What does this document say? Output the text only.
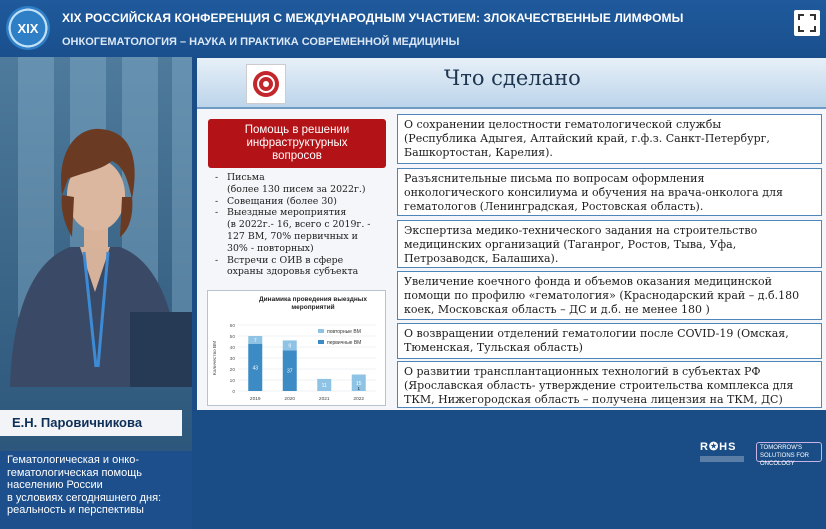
XIX
XIX РОССИЙСКАЯ КОНФЕРЕНЦИЯ С МЕЖДУНАРОДНЫМ УЧАСТИЕМ: ЗЛОКАЧЕСТВЕННЫЕ ЛИМФОМЫ
ОНКОГЕМАТОЛОГИЯ – НАУКА И ПРАКТИКА СОВРЕМЕННОЙ МЕДИЦИНЫ
Е.Н. Паровичникова
Гематологическая и онко-
гематологическая помощь
населению России
в условиях сегодняшнего дня:
реальность и перспективы
Что сделано
Помощь в решении
инфраструктурных
вопросов
- Письма
(более 130 писем за 2022г.)
- Совещания (более 30)
- Выездные мероприятия
(в 2022г.- 16, всего с 2019г. -
127 ВМ, 70% первичных и
30% - повторных)
- Встречи с ОИВ в сфере
охраны здоровья субъекта
Динамика проведения выездных
мероприятий
0
10
20
30
40
50
60
Количество ВМ	43
7
2019
37
9
2020
11
2021
15
1
2022
повторные ВМ
первичные ВМ
О сохранении целостности гематологической службы
(Республика Адыгея, Алтайский край, г.ф.з. Санкт-Петербург,
Башкортостан, Карелия).
Разъяснительные письма по вопросам оформления
онкологического консилиума и обучения на врача-онколога для
гематологов (Ленинградская, Ростовская область).
Экспертиза медико-технического задания на строительство
медицинских организаций (Таганрог, Ростов, Тыва, Уфа,
Петрозаводск, Балашиха).
Увеличение коечного фонда и объемов оказания медицинской
помощи по профилю «гематология» (Краснодарский край – д.б.180
коек, Московская область – ДС и д.б. не менее 180 )
О возвращении отделений гематологии после COVID-19 (Омская,
Тюменская, Тульская область)
О развитии трансплантационных технологий в субъектах РФ
(Ярославская область- утверждение строительства комплекса для
ТКМ, Нижегородская область – получена лицензия на ТКМ, ДС)
R✪HS	TOMORROW'S SOLUTIONS FOR ONCOLOGY
